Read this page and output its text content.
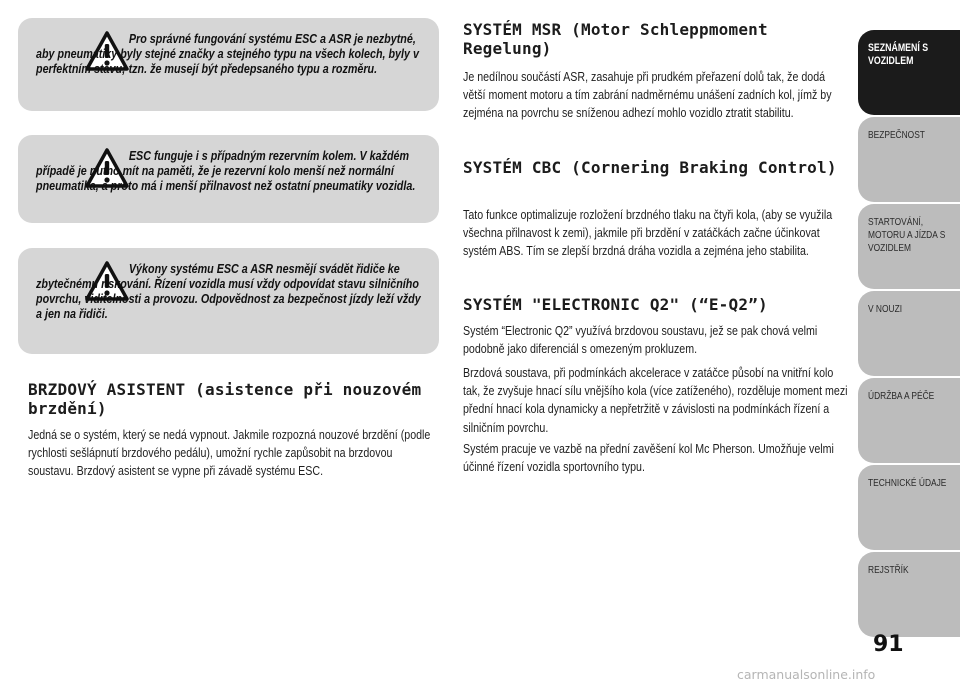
Pro správné fungování systému ESC a ASR je nezbytné, aby pneumatiky byly stejné značky a stejného typu na všech kolech, byly v perfektním stavu; tzn. že musejí být předepsaného typu a rozměru.

ESC funguje i s případným rezervním kolem. V každém případě je nutno mít na paměti, že je rezervní kolo menší než normální pneumatika, a proto má i menší přilnavost než ostatní pneumatiky vozidla.

Výkony systému ESC a ASR nesmějí svádět řidiče ke zbytečnému riskování. Řízení vozidla musí vždy odpovídat stavu silničního povrchu, viditelnosti a provozu. Odpovědnost za bezpečnost jízdy leží vždy a jen na řidiči.

BRZDOVÝ ASISTENT (asistence při nouzovém brzdění)
Jedná se o systém, který se nedá vypnout. Jakmile rozpozná nouzové brzdění (podle rychlosti sešlápnutí brzdového pedálu), umožní rychle zapůsobit na brzdovou soustavu. Brzdový asistent se vypne při závadě systému ESC.
SYSTÉM MSR (Motor Schleppmoment Regelung)
Je nedílnou součástí ASR, zasahuje při prudkém přeřazení dolů tak, že dodá větší moment motoru a tím zabrání nadměrnému unášení zadních kol, jímž by zejména na povrchu se sníženou adhezí mohlo vozidlo ztratit stabilitu.
SYSTÉM CBC (Cornering Braking Control)
Tato funkce optimalizuje rozložení brzdného tlaku na čtyři kola, (aby se využila všechna přilnavost k zemi), jakmile při brzdění v zatáčkách začne účinkovat systém ABS. Tím se zlepší brzdná dráha vozidla a zejména jeho stabilita.
SYSTÉM "ELECTRONIC Q2" (“E-Q2”)
Systém “Electronic Q2” využívá brzdovou soustavu, jež se pak chová velmi podobně jako diferenciál s omezeným prokluzem.
Brzdová soustava, při podmínkách akcelerace v zatáčce působí na vnitřní kolo tak, že zvyšuje hnací sílu vnějšího kola (více zatíženého), rozděluje moment mezi přední hnací kola dynamicky a nepřetržitě v závislosti na podmínkách řízení a silničním povrchu.
Systém pracuje ve vazbě na přední zavěšení kol Mc Pherson. Umožňuje velmi účinné řízení vozidla sportovního typu.
SEZNÁMENÍ S VOZIDLEM
BEZPEČNOST
STARTOVÁNÍ, MOTORU A JÍZDA S VOZIDLEM
V NOUZI
ÚDRŽBA A PÉČE
TECHNICKÉ ÚDAJE
REJSTŘÍK
91
carmanualsonline.info
